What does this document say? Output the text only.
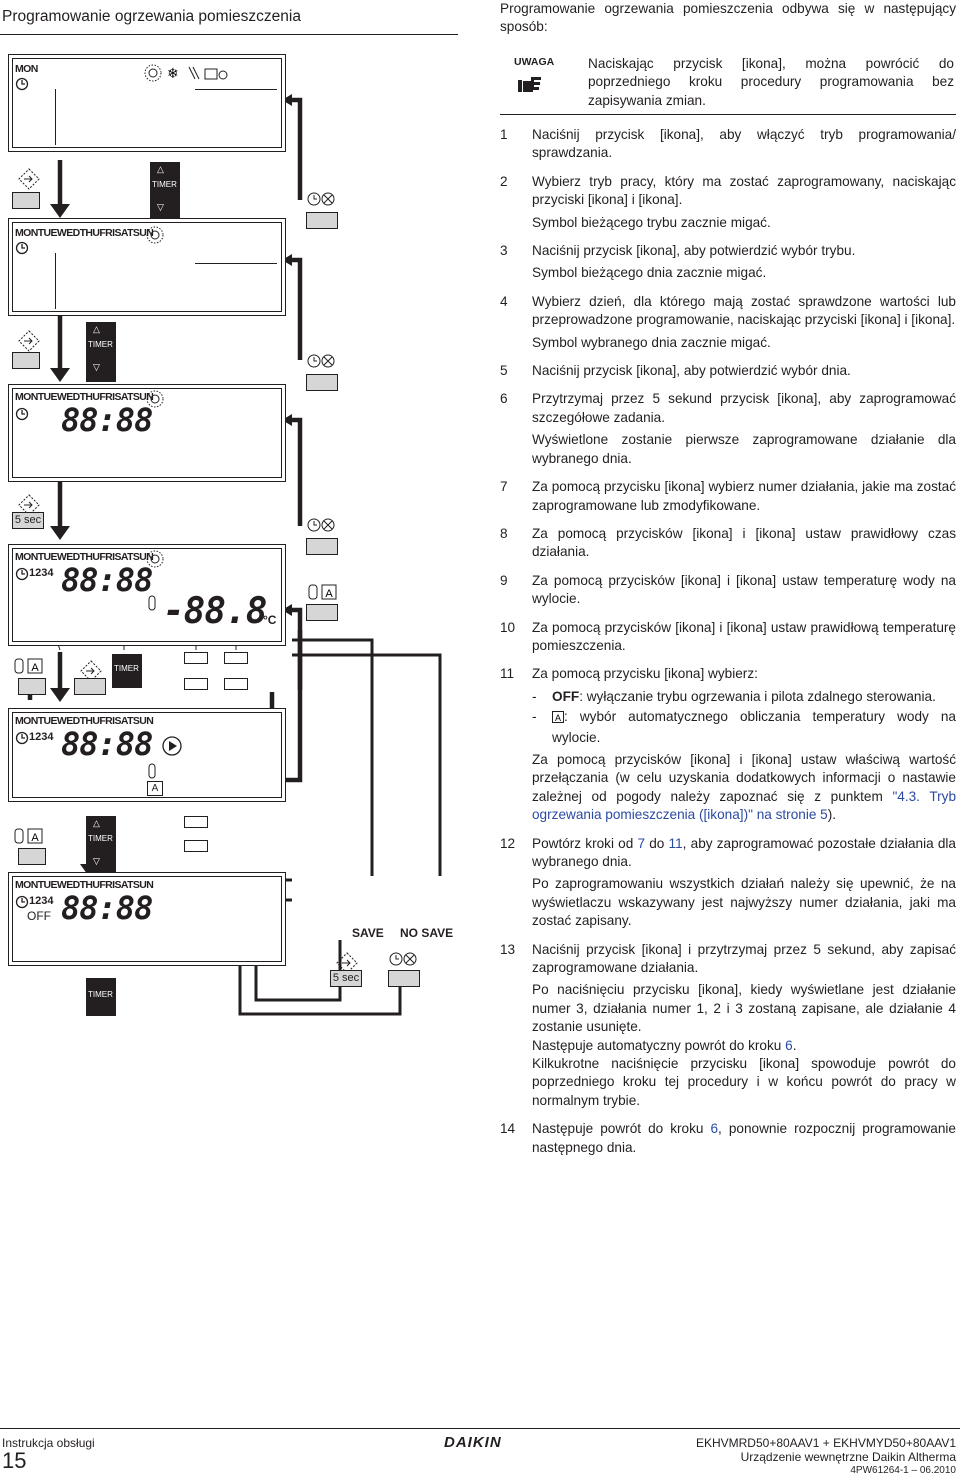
Programowanie ogrzewania pomieszczenia	Programowanie ogrzewania pomieszczenia odbywa się w następujący sposób:
UWAGA Naciskając przycisk [ikona], można powrócić do poprzedniego kroku procedury programowania bez zapisywania zmian.
1 Naciśnij przycisk [ikona], aby włączyć tryb programowania/ sprawdzania.

2 Wybierz tryb pracy, który ma zostać zaprogramowany, naciskając przyciski [ikona] i [ikona].

Symbol bieżącego trybu zacznie migać.

3 Naciśnij przycisk [ikona], aby potwierdzić wybór trybu.

Symbol bieżącego dnia zacznie migać.

4 Wybierz dzień, dla którego mają zostać sprawdzone wartości lub przeprowadzone programowanie, naciskając przyciski [ikona] i [ikona].

Symbol wybranego dnia zacznie migać.

5 Naciśnij przycisk [ikona], aby potwierdzić wybór dnia.

6 Przytrzymaj przez 5 sekund przycisk [ikona], aby zaprogramować szczegółowe zadania.

Wyświetlone zostanie pierwsze zaprogramowane działanie dla wybranego dnia.

7 Za pomocą przycisku [ikona] wybierz numer działania, jakie ma zostać zaprogramowane lub zmodyfikowane.

8 Za pomocą przycisków [ikona] i [ikona] ustaw prawidłowy czas działania.

9 Za pomocą przycisków [ikona] i [ikona] ustaw temperaturę wody na wylocie.

10 Za pomocą przycisków [ikona] i [ikona] ustaw prawidłową temperaturę pomieszczenia.

11 Za pomocą przycisku [ikona] wybierz:

- OFF: wyłączanie trybu ogrzewania i pilota zdalnego sterowania.
- A : wybór automatycznego obliczania temperatury wody na wylocie.

Za pomocą przycisków [ikona] i [ikona] ustaw właściwą wartość przełączania (w celu uzyskania dodatkowych informacji o nastawie zależnej od pogody należy zapoznać się z punktem "4.3. Tryb ogrzewania pomieszczenia ([ikona])" na stronie 5).

12 Powtórz kroki od 7 do 11, aby zaprogramować pozostałe działania dla wybranego dnia.

Po zaprogramowaniu wszystkich działań należy się upewnić, że na wyświetlaczu wskazywany jest najwyższy numer działania, jaki ma zostać zapisany.

13 Naciśnij przycisk [ikona] i przytrzymaj przez 5 sekund, aby zapisać zaprogramowane działania.

Po naciśnięciu przycisku [ikona], kiedy wyświetlane jest działanie numer 3, działania numer 1, 2 i 3 zostaną zapisane, ale działanie 4 zostanie usunięte.

Następuje automatyczny powrót do kroku 6.

Kilkukrotne naciśnięcie przycisku [ikona] spowoduje powrót do poprzedniego kroku tej procedury i w końcu powrót do pracy w normalnym trybie.

14 Następuje powrót do kroku 6, ponownie rozpocznij programowanie następnego dnia.

MON	❄
△
TIMER
▽
MONTUEWEDTHUFRISATSUN
△
TIMER
▽
MONTUEWEDTHUFRISATSUN
88:88
5 sec
A
MONTUEWEDTHUFRISATSUN
1234 88:88
-88.8
°C
A	TIMER
MONTUEWEDTHUFRISATSUN
1234 88:88
A
A
△
TIMER
▽
MONTUEWEDTHUFRISATSUN
1234 88:88
OFF
TIMER
SAVE NO SAVE
5 sec
Instrukcja obsługi
15
DAIKIN	EKHVMRD50+80AAV1 + EKHVMYD50+80AAV1
Urządzenie wewnętrzne Daikin Altherma
4PW61264-1 – 06.2010
